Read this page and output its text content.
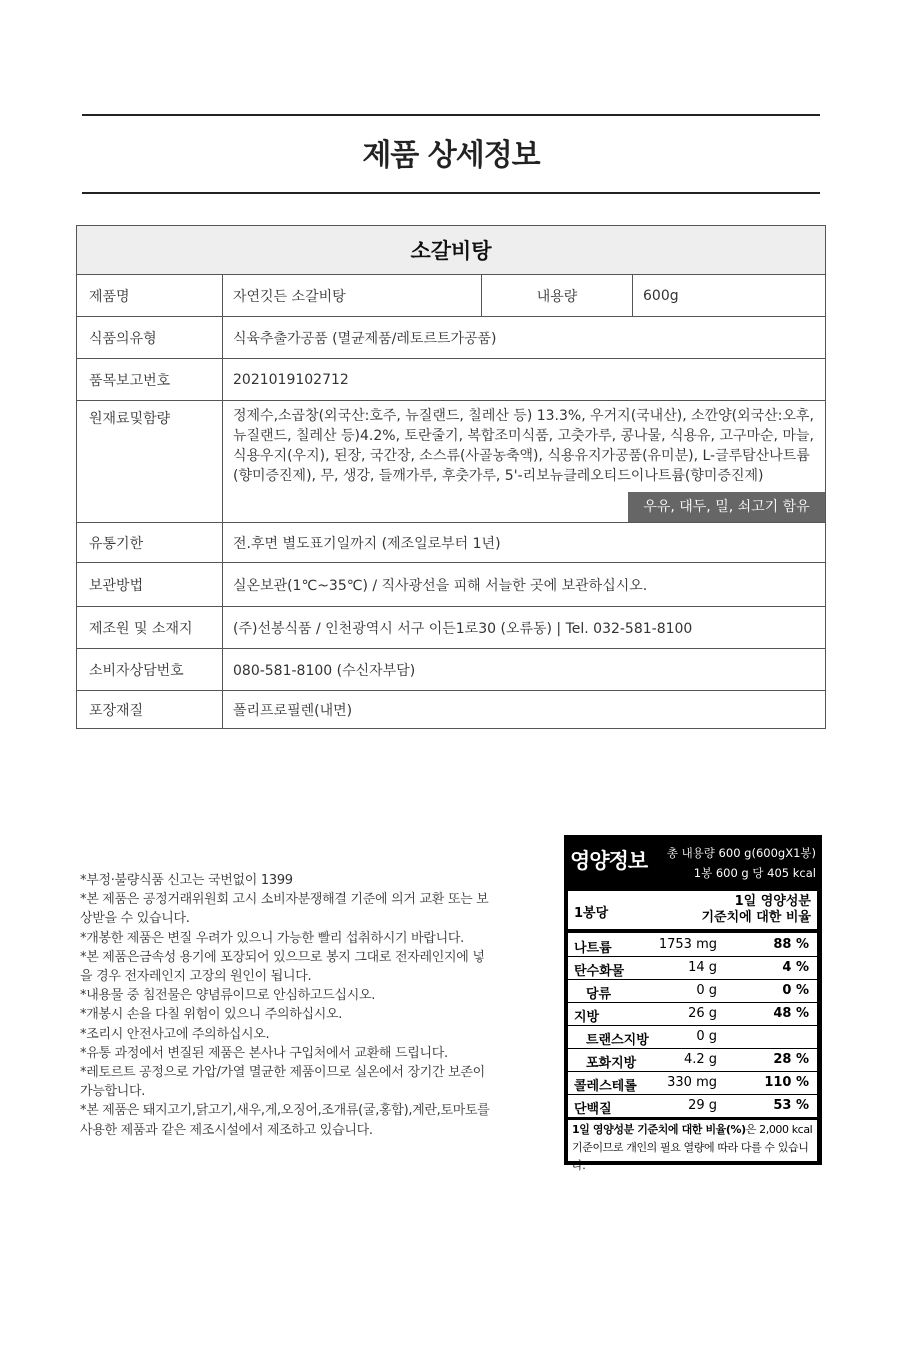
제품 상세정보
소갈비탕			
제품명	자연깃든 소갈비탕	내용량	600g
식품의유형	식육추출가공품 (멸균제품/레토르트가공품)		
품목보고번호	2021019102712		
원재료및함량	정제수,소곱창(외국산:호주, 뉴질랜드, 칠레산 등) 13.3%, 우거지(국내산), 소깐양(외국산:오후, 뉴질랜드, 칠레산 등)4.2%, 토란줄기, 복합조미식품, 고춧가루, 콩나물, 식용유, 고구마순, 마늘, 식용우지(우지), 된장, 국간장, 소스류(사골농축액), 식용유지가공품(유미분), L-글루탐산나트륨(향미증진제), 무, 생강, 들깨가루, 후춧가루, 5'-리보뉴클레오티드이나트륨(향미증진제)
우유, 대두, 밀, 쇠고기 함유		

유통기한	전.후면 별도표기일까지 (제조일로부터 1년)		
보관방법	실온보관(1℃~35℃) / 직사광선을 피해 서늘한 곳에 보관하십시오.		
제조원 및 소재지	(주)선봉식품 / 인천광역시 서구 이든1로30 (오류동) | Tel. 032-581-8100		
소비자상담번호	080-581-8100 (수신자부담)		
포장재질	폴리프로필렌(내면)		
*부정·불량식품 신고는 국번없이 1399
*본 제품은 공정거래위원회 고시 소비자분쟁해결 기준에 의거 교환 또는 보상받을 수 있습니다.
*개봉한 제품은 변질 우려가 있으니 가능한 빨리 섭취하시기 바랍니다.
*본 제품은금속성 용기에 포장되어 있으므로 봉지 그대로 전자레인지에 넣을 경우 전자레인지 고장의 원인이 됩니다.
*내용물 중 침전물은 양념류이므로 안심하고드십시오.
*개봉시 손을 다칠 위험이 있으니 주의하십시오.
*조리시 안전사고에 주의하십시오.
*유통 과정에서 변질된 제품은 본사나 구입처에서 교환해 드립니다.
*레토르트 공정으로 가압/가열 멸균한 제품이므로 실온에서 장기간 보존이 가능합니다.
*본 제품은 돼지고기,닭고기,새우,게,오징어,조개류(굴,홍합),계란,토마토를 사용한 제품과 같은 제조시설에서 제조하고 있습니다.
영양정보 총 내용량 600 g(600gX1봉)
1봉 600 g 당 405 kcal
1봉당
1일 영양성분
기준치에 대한 비율
나트륨	1753 mg	88 %
탄수화물	14 g	4 %
당류	0 g	0 %
지방	26 g	48 %
트랜스지방	0 g
포화지방	4.2 g	28 %
콜레스테롤 330 mg	110 %
단백질	29 g	53 %
1일 영양성분 기준치에 대한 비율(%)은 2,000 kcal
기준이므로 개인의 필요 열량에 따라 다를 수 있습니다.
